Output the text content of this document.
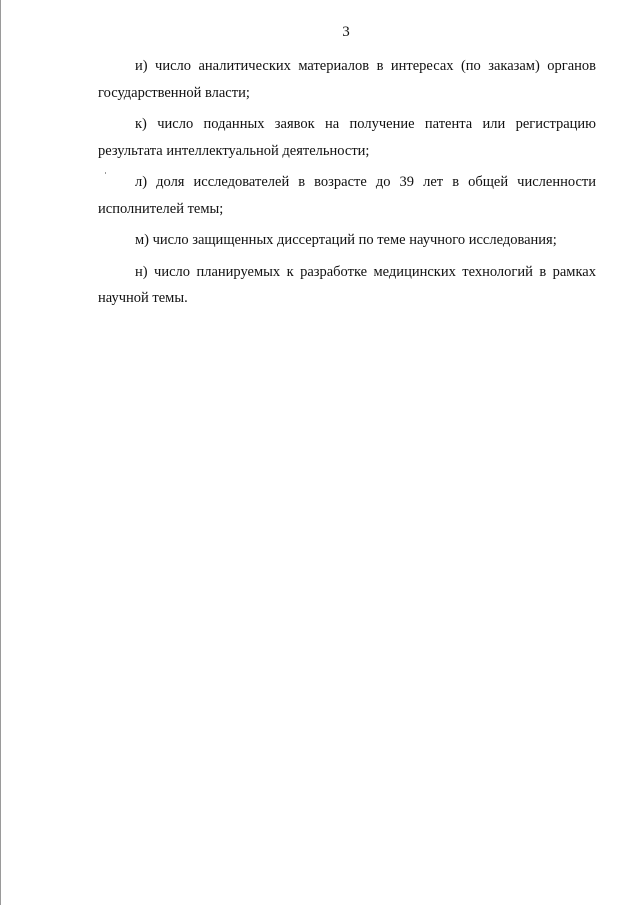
3

и) число аналитических материалов в интересах (по заказам) органов государственной власти;

к) число поданных заявок на получение патента или регистрацию результата интеллектуальной деятельности;

л) доля исследователей в возрасте до 39 лет в общей численности исполнителей темы;

м) число защищенных диссертаций по теме научного исследования;

н) число планируемых к разработке медицинских технологий в рамках научной темы.
